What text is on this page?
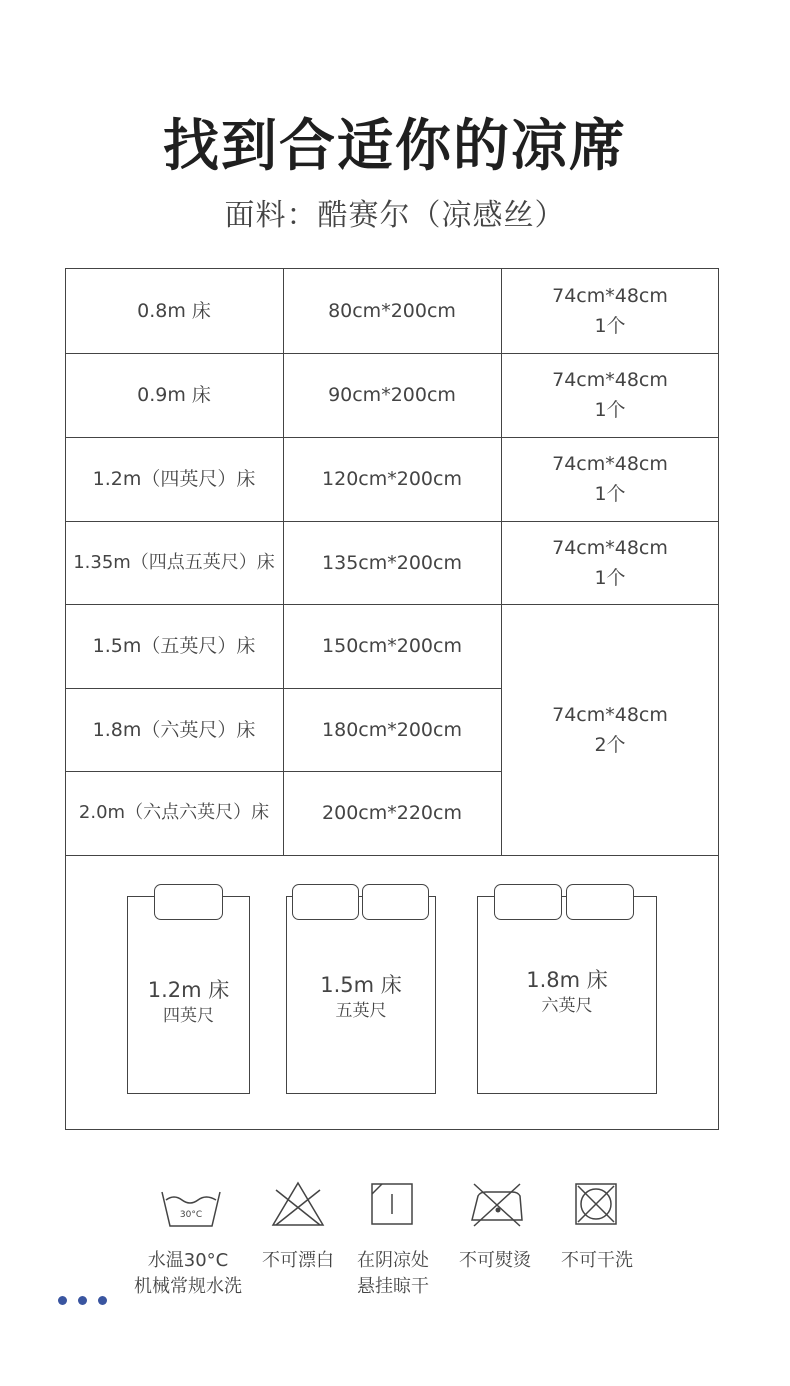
找到合适你的凉席
面料：酷赛尔（凉感丝）
0.8m 床	80cm*200cm
74cm*48cm
1个
0.9m 床	90cm*200cm
74cm*48cm
1个
1.2m（四英尺）床	120cm*200cm
74cm*48cm
1个
1.35m（四点五英尺）床 135cm*200cm
74cm*48cm
1个
1.5m（五英尺）床	150cm*200cm
1.8m（六英尺）床	180cm*200cm
2.0m（六点六英尺）床	200cm*220cm
74cm*48cm
2个
1.2m 床
四英尺
1.5m 床
五英尺
1.8m 床
六英尺
30°C
水温30°C
机械常规水洗
不可漂白	在阴凉处
悬挂晾干
不可熨烫	不可干洗
